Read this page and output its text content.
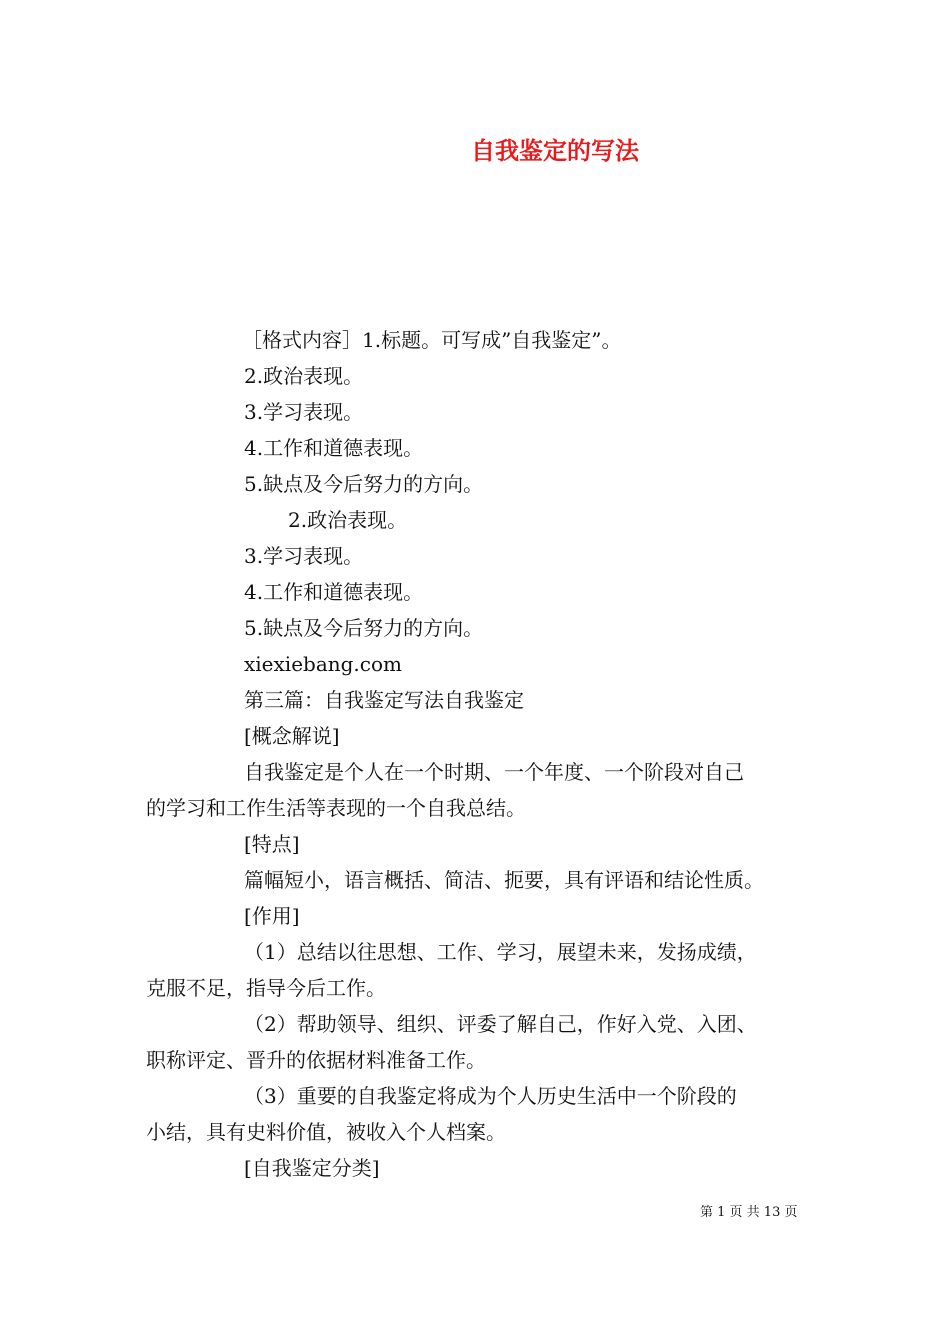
自我鉴定的写法
［格式内容］1.标题。可写成”自我鉴定”。
2.政治表现。
3.学习表现。
4.工作和道德表现。
5.缺点及今后努力的方向。
2.政治表现。
3.学习表现。
4.工作和道德表现。
5.缺点及今后努力的方向。
xiexiebang.com
第三篇：自我鉴定写法自我鉴定
[概念解说]
自我鉴定是个人在一个时期、一个年度、一个阶段对自己
的学习和工作生活等表现的一个自我总结。
[特点]
篇幅短小，语言概括、简洁、扼要，具有评语和结论性质。
[作用]
（1）总结以往思想、工作、学习，展望未来，发扬成绩，
克服不足，指导今后工作。
（2）帮助领导、组织、评委了解自己，作好入党、入团、
职称评定、晋升的依据材料准备工作。
（3）重要的自我鉴定将成为个人历史生活中一个阶段的
小结，具有史料价值，被收入个人档案。
[自我鉴定分类]
第 1 页 共 13 页
